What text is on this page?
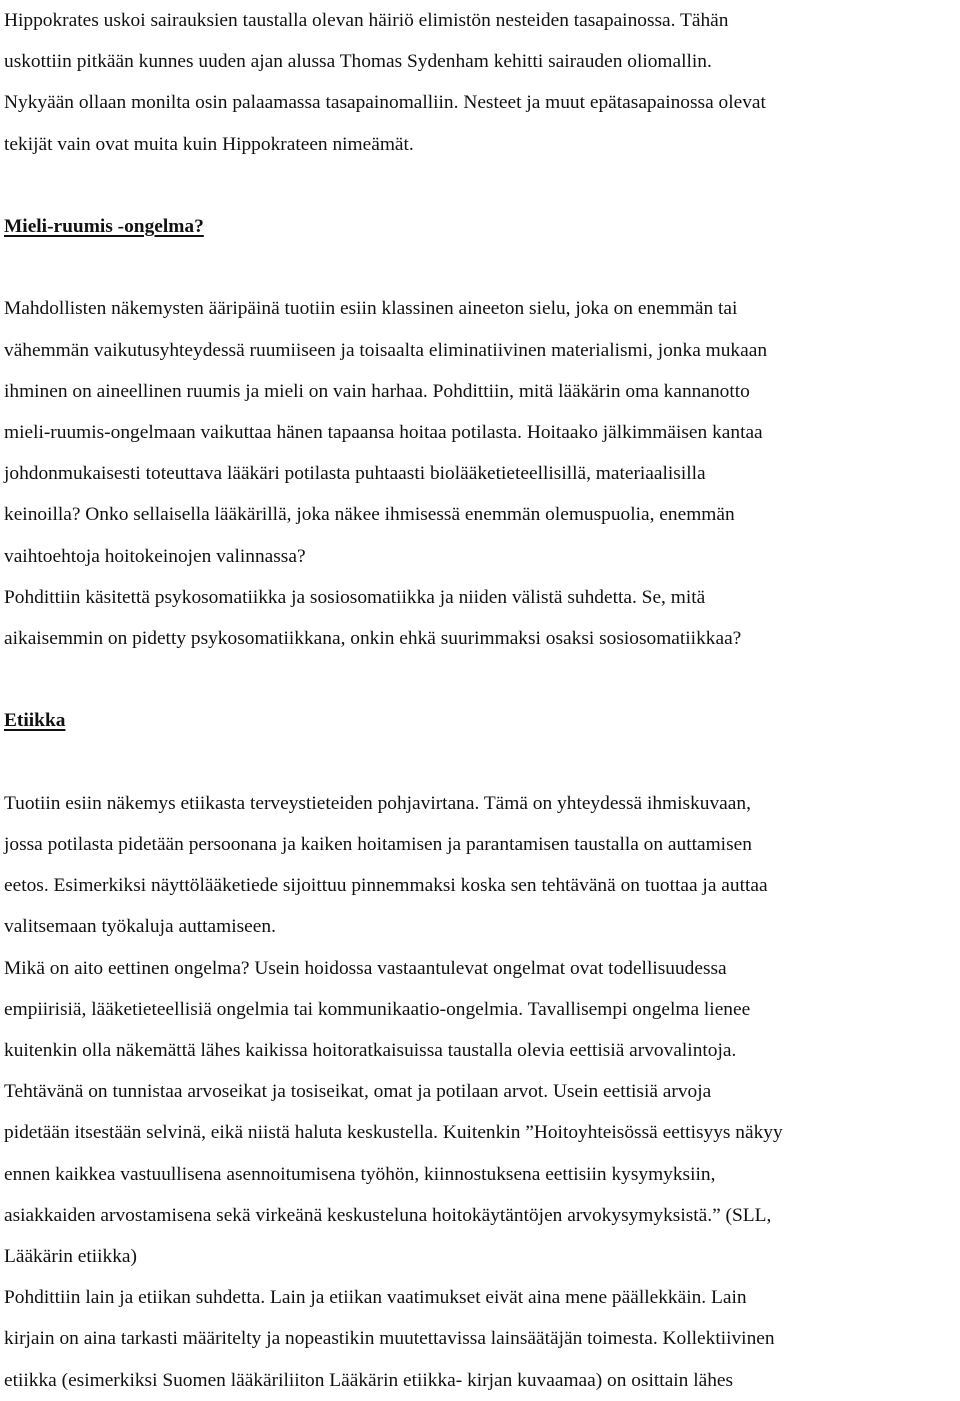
Hippokrates uskoi sairauksien taustalla olevan häiriö elimistön nesteiden tasapainossa. Tähän

uskottiin pitkään kunnes uuden ajan alussa Thomas Sydenham kehitti sairauden oliomallin.

Nykyään ollaan monilta osin palaamassa tasapainomalliin. Nesteet ja muut epätasapainossa olevat

tekijät vain ovat muita kuin Hippokrateen nimeämät.

Mieli-ruumis -ongelma?

Mahdollisten näkemysten ääripäinä tuotiin esiin klassinen aineeton sielu, joka on enemmän tai

vähemmän vaikutusyhteydessä ruumiiseen ja toisaalta eliminatiivinen materialismi, jonka mukaan

ihminen on aineellinen ruumis ja mieli on vain harhaa. Pohdittiin, mitä lääkärin oma kannanotto

mieli-ruumis-ongelmaan vaikuttaa hänen tapaansa hoitaa potilasta. Hoitaako jälkimmäisen kantaa

johdonmukaisesti toteuttava lääkäri potilasta puhtaasti biolääketieteellisillä, materiaalisilla

keinoilla? Onko sellaisella lääkärillä, joka näkee ihmisessä enemmän olemuspuolia, enemmän

vaihtoehtoja hoitokeinojen valinnassa?

Pohdittiin käsitettä psykosomatiikka ja sosiosomatiikka ja niiden välistä suhdetta. Se, mitä

aikaisemmin on pidetty psykosomatiikkana, onkin ehkä suurimmaksi osaksi sosiosomatiikkaa?

Etiikka

Tuotiin esiin näkemys etiikasta terveystieteiden pohjavirtana. Tämä on yhteydessä ihmiskuvaan,

jossa potilasta pidetään persoonana ja kaiken hoitamisen ja parantamisen taustalla on auttamisen

eetos. Esimerkiksi näyttölääketiede sijoittuu pinnemmaksi koska sen tehtävänä on tuottaa ja auttaa

valitsemaan työkaluja auttamiseen.

Mikä on aito eettinen ongelma? Usein hoidossa vastaantulevat ongelmat ovat todellisuudessa

empiirisiä, lääketieteellisiä ongelmia tai kommunikaatio-ongelmia. Tavallisempi ongelma lienee

kuitenkin olla näkemättä lähes kaikissa hoitoratkaisuissa taustalla olevia eettisiä arvovalintoja.

Tehtävänä on tunnistaa arvoseikat ja tosiseikat, omat ja potilaan arvot. Usein eettisiä arvoja

pidetään itsestään selvinä, eikä niistä haluta keskustella. Kuitenkin ”Hoitoyhteisössä eettisyys näkyy

ennen kaikkea vastuullisena asennoitumisena työhön, kiinnostuksena eettisiin kysymyksiin,

asiakkaiden arvostamisena sekä virkeänä keskusteluna hoitokäytäntöjen arvokysymyksistä.” (SLL,

Lääkärin etiikka)

Pohdittiin lain ja etiikan suhdetta. Lain ja etiikan vaatimukset eivät aina mene päällekkäin. Lain

kirjain on aina tarkasti määritelty ja nopeastikin muutettavissa lainsäätäjän toimesta. Kollektiivinen

etiikka (esimerkiksi Suomen lääkäriliiton Lääkärin etiikka- kirjan kuvaamaa) on osittain lähes
